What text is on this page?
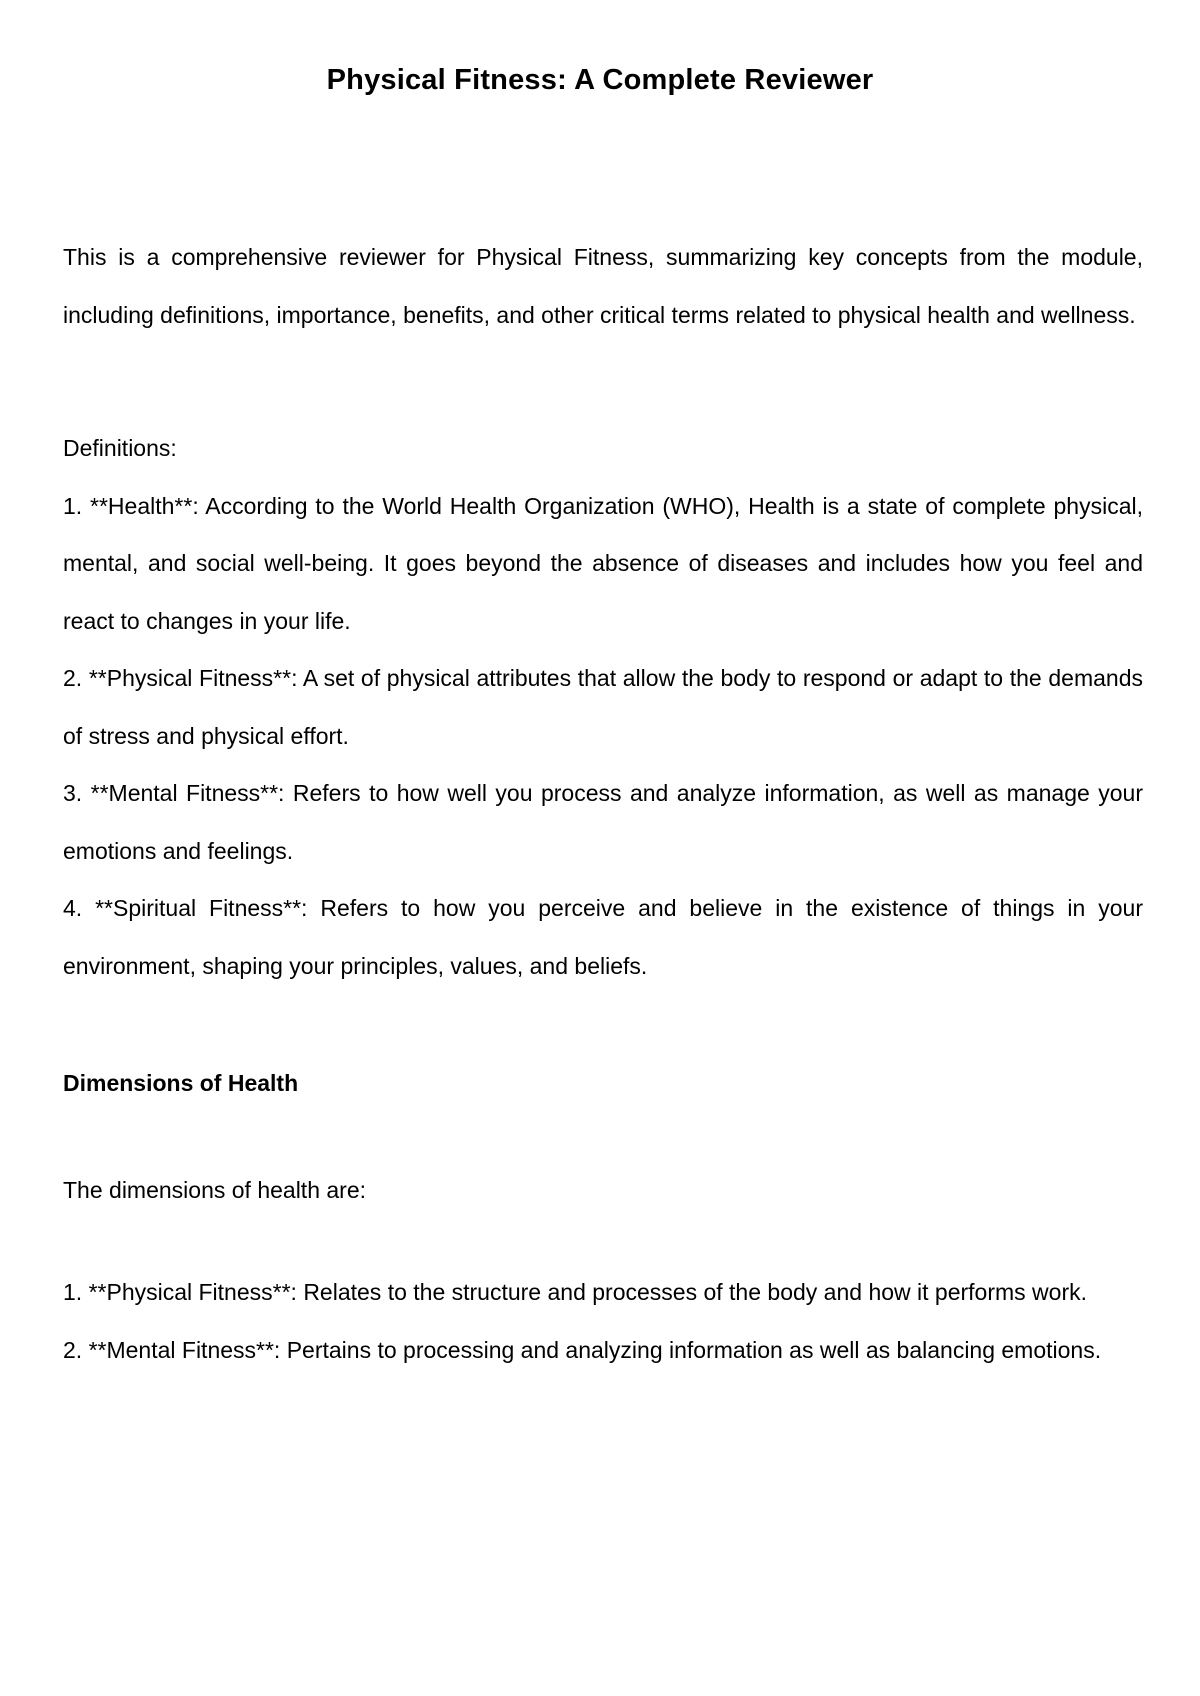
Physical Fitness: A Complete Reviewer

This is a comprehensive reviewer for Physical Fitness, summarizing key concepts from the module, including definitions, importance, benefits, and other critical terms related to physical health and wellness.

Definitions:

1. **Health**: According to the World Health Organization (WHO), Health is a state of complete physical, mental, and social well-being. It goes beyond the absence of diseases and includes how you feel and react to changes in your life.

2. **Physical Fitness**: A set of physical attributes that allow the body to respond or adapt to the demands of stress and physical effort.

3. **Mental Fitness**: Refers to how well you process and analyze information, as well as manage your emotions and feelings.

4. **Spiritual Fitness**: Refers to how you perceive and believe in the existence of things in your environment, shaping your principles, values, and beliefs.

Dimensions of Health
The dimensions of health are:

1. **Physical Fitness**: Relates to the structure and processes of the body and how it performs work.

2. **Mental Fitness**: Pertains to processing and analyzing information as well as balancing emotions.
